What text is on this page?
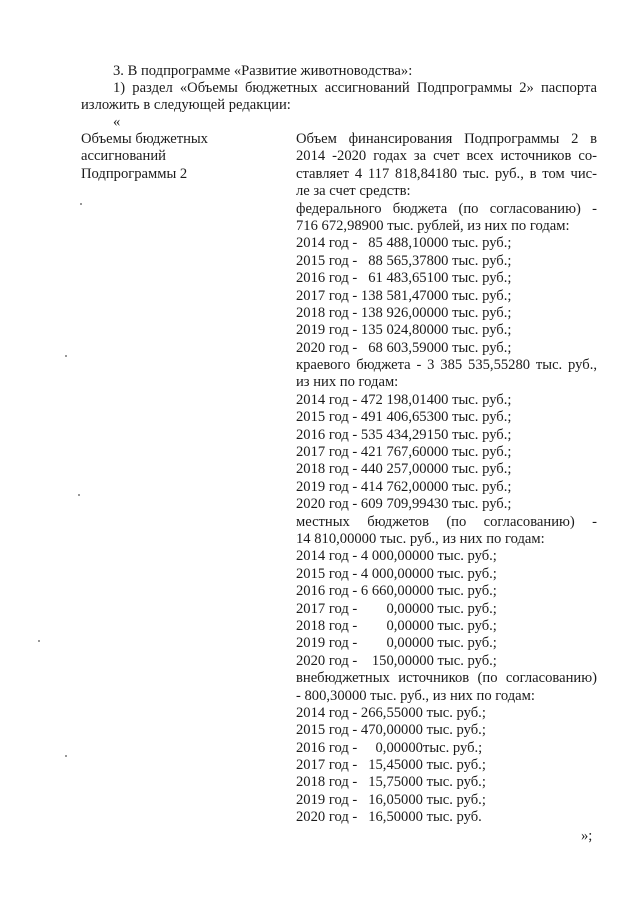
3. В подпрограмме «Развитие животноводства»:
1) раздел «Объемы бюджетных ассигнований Подпрограммы 2» паспорта
изложить в следующей редакции:
«
Объемы бюджетных
ассигнований
Подпрограммы 2
Объем финансирования Подпрограммы 2 в
2014 -2020 годах за счет всех источников со-
ставляет 4 117 818,84180 тыс. руб., в том чис-
ле за счет средств:
федерального бюджета (по согласованию) -
716 672,98900 тыс. рублей, из них по годам:
2014 год -   85 488,10000 тыс. руб.;
2015 год -   88 565,37800 тыс. руб.;
2016 год -   61 483,65100 тыс. руб.;
2017 год - 138 581,47000 тыс. руб.;
2018 год - 138 926,00000 тыс. руб.;
2019 год - 135 024,80000 тыс. руб.;
2020 год -   68 603,59000 тыс. руб.;
краевого бюджета - 3 385 535,55280 тыс. руб.,
из них по годам:
2014 год - 472 198,01400 тыс. руб.;
2015 год - 491 406,65300 тыс. руб.;
2016 год - 535 434,29150 тыс. руб.;
2017 год - 421 767,60000 тыс. руб.;
2018 год - 440 257,00000 тыс. руб.;
2019 год - 414 762,00000 тыс. руб.;
2020 год - 609 709,99430 тыс. руб.;
местных бюджетов (по согласованию) -
14 810,00000 тыс. руб., из них по годам:
2014 год - 4 000,00000 тыс. руб.;
2015 год - 4 000,00000 тыс. руб.;
2016 год - 6 660,00000 тыс. руб.;
2017 год -        0,00000 тыс. руб.;
2018 год -        0,00000 тыс. руб.;
2019 год -        0,00000 тыс. руб.;
2020 год -    150,00000 тыс. руб.;
внебюджетных источников (по согласованию)
- 800,30000 тыс. руб., из них по годам:
2014 год - 266,55000 тыс. руб.;
2015 год - 470,00000 тыс. руб.;
2016 год -     0,00000тыс. руб.;
2017 год -   15,45000 тыс. руб.;
2018 год -   15,75000 тыс. руб.;
2019 год -   16,05000 тыс. руб.;
2020 год -   16,50000 тыс. руб.
»;
